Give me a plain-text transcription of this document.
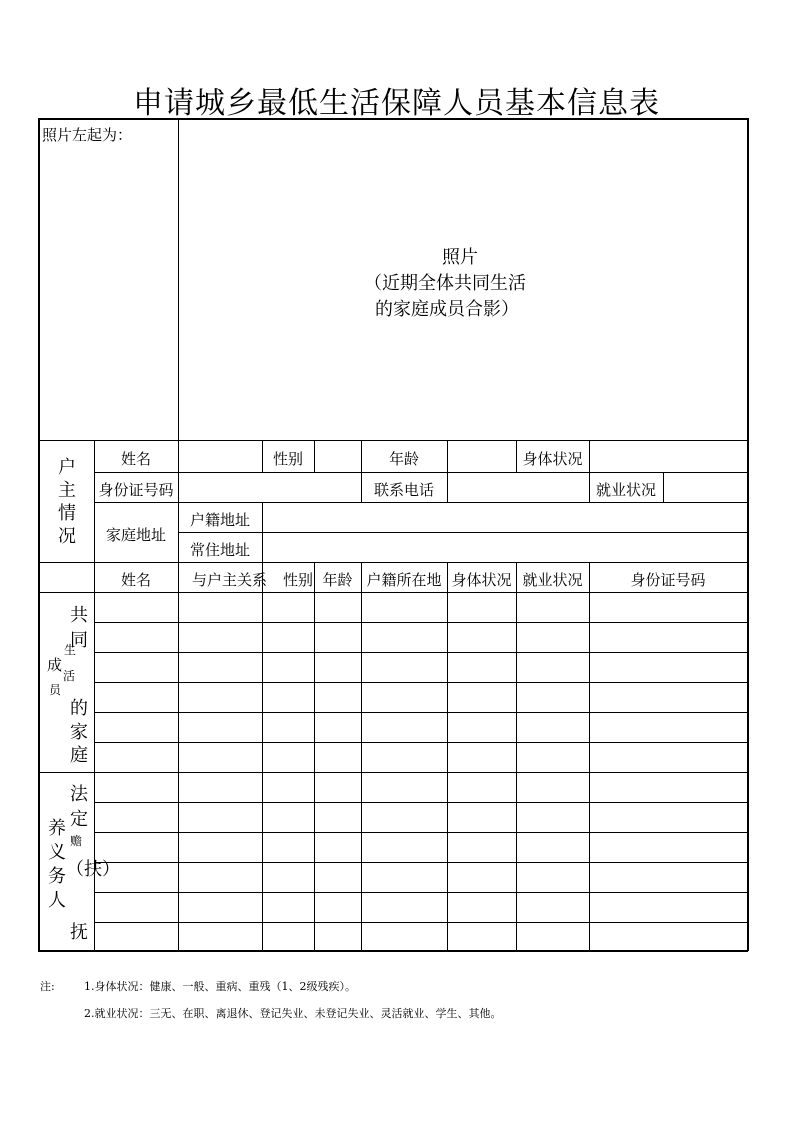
申请城乡最低生活保障人员基本信息表
照片左起为：
照片
（近期全体共同生活
的家庭成员合影）
户
主
情
况
姓名	性别	年龄	身体状况
身份证号码	联系电话	就业状况
家庭地址
户籍地址
常住地址
姓名	与户主关系	性别 年龄 户籍所在地 身体状况 就业状况	身份证号码
共
同
生
活
成
员
的
家
庭
法
定
赡
（扶）
抚
养
义
务
人
注:	1.身体状况：健康、一般、重病、重残（1、2级残疾）。
2.就业状况：三无、在职、离退休、登记失业、未登记失业、灵活就业、学生、其他。
